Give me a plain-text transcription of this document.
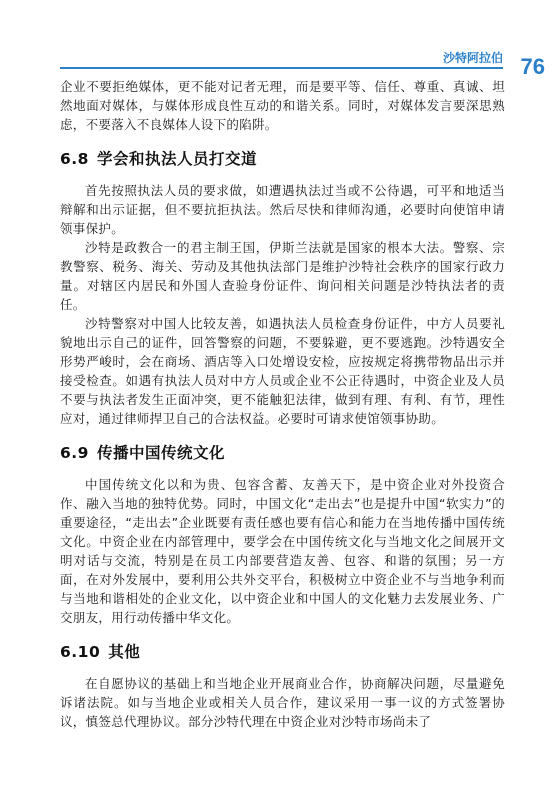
沙特阿拉伯 76

企业不要拒绝媒体，更不能对记者无理，而是要平等、信任、尊重、真诚、坦然地面对媒体，与媒体形成良性互动的和谐关系。同时，对媒体发言要深思熟虑，不要落入不良媒体人设下的陷阱。

6.8 学会和执法人员打交道

首先按照执法人员的要求做，如遭遇执法过当或不公待遇，可平和地适当辩解和出示证据，但不要抗拒执法。然后尽快和律师沟通，必要时向使馆申请领事保护。

沙特是政教合一的君主制王国，伊斯兰法就是国家的根本大法。警察、宗教警察、税务、海关、劳动及其他执法部门是维护沙特社会秩序的国家行政力量。对辖区内居民和外国人查验身份证件、询问相关问题是沙特执法者的责任。

沙特警察对中国人比较友善，如遇执法人员检查身份证件，中方人员要礼貌地出示自己的证件，回答警察的问题，不要躲避，更不要逃跑。沙特遇安全形势严峻时，会在商场、酒店等入口处增设安检，应按规定将携带物品出示并接受检查。如遇有执法人员对中方人员或企业不公正待遇时，中资企业及人员不要与执法者发生正面冲突，更不能触犯法律，做到有理、有利、有节，理性应对，通过律师捍卫自己的合法权益。必要时可请求使馆领事协助。

6.9 传播中国传统文化

中国传统文化以和为贵、包容含蓄、友善天下，是中资企业对外投资合作、融入当地的独特优势。同时，中国文化“走出去”也是提升中国“软实力”的重要途径，“走出去”企业既要有责任感也要有信心和能力在当地传播中国传统文化。中资企业在内部管理中，要学会在中国传统文化与当地文化之间展开文明对话与交流，特别是在员工内部要营造友善、包容、和谐的氛围；另一方面，在对外发展中，要利用公共外交平台，积极树立中资企业不与当地争利而与当地和谐相处的企业文化，以中资企业和中国人的文化魅力去发展业务、广交朋友，用行动传播中华文化。

6.10 其他

在自愿协议的基础上和当地企业开展商业合作，协商解决问题，尽量避免诉诸法院。如与当地企业或相关人员合作，建议采用一事一议的方式签署协议，慎签总代理协议。部分沙特代理在中资企业对沙特市场尚未了
